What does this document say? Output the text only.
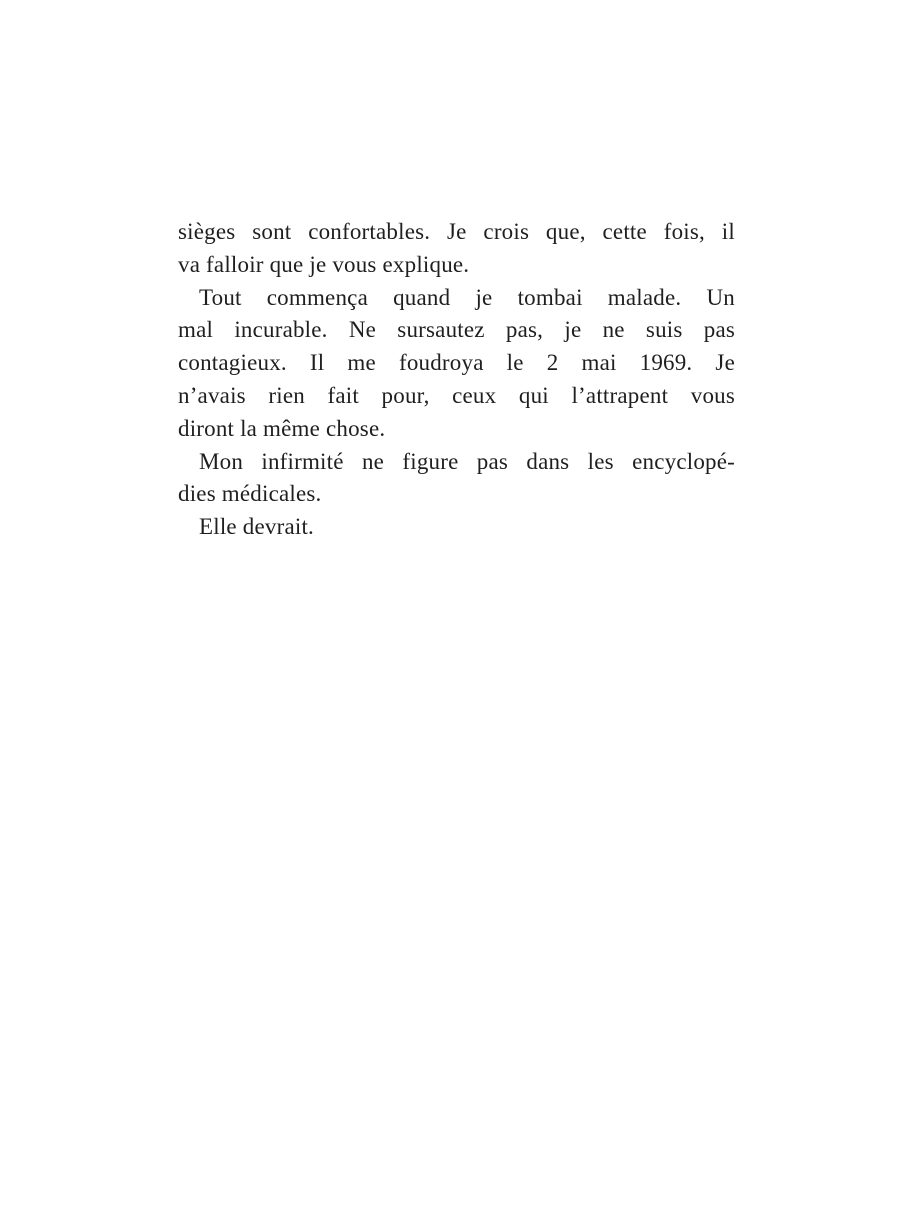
sièges sont confortables. Je crois que, cette fois, il
va falloir que je vous explique.
Tout commença quand je tombai malade. Un
mal incurable. Ne sursautez pas, je ne suis pas
contagieux. Il me foudroya le 2 mai 1969. Je
n’avais rien fait pour, ceux qui l’attrapent vous
diront la même chose.
Mon infirmité ne figure pas dans les encyclopé-
dies médicales.
Elle devrait.
